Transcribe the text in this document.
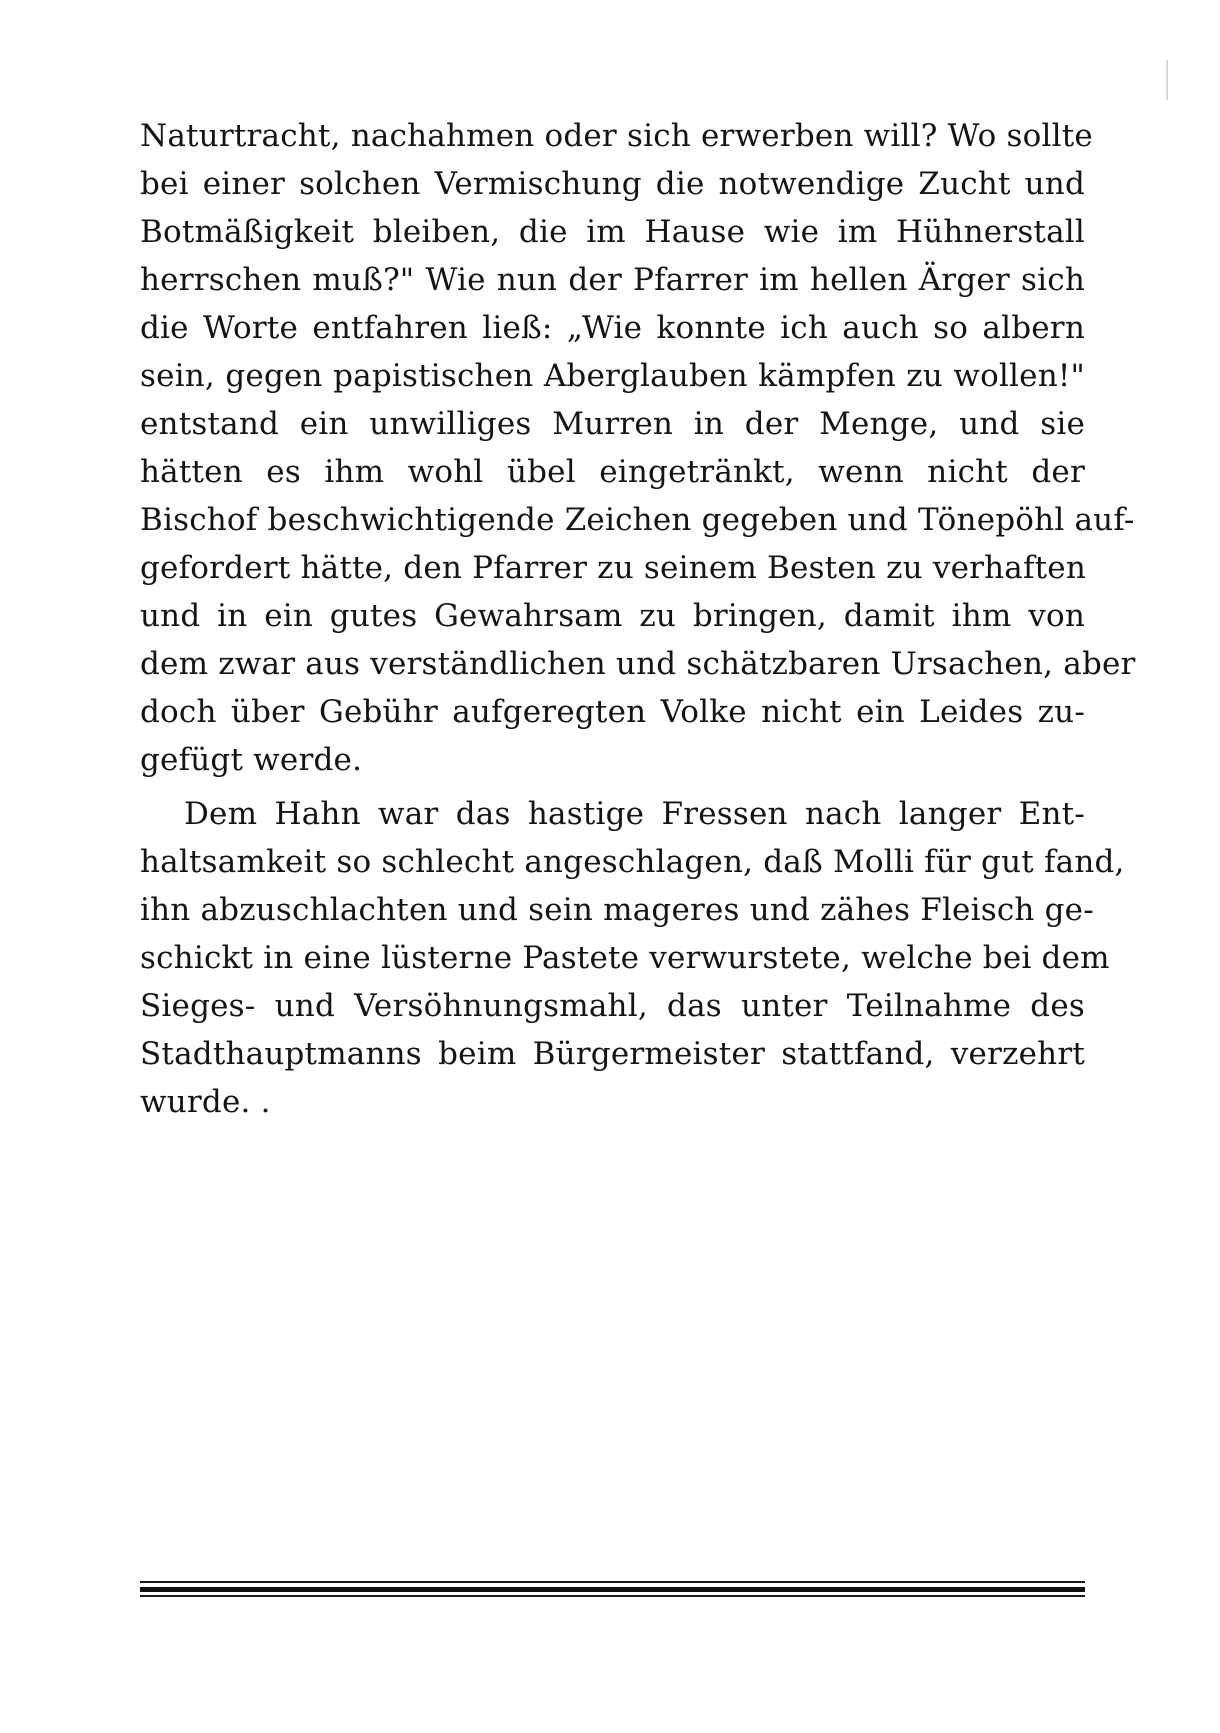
Naturtracht, nachahmen oder sich erwerben will? Wo sollte
bei einer solchen Vermischung die notwendige Zucht und
Botmäßigkeit bleiben, die im Hause wie im Hühnerstall
herrschen muß?" Wie nun der Pfarrer im hellen Ärger sich
die Worte entfahren ließ: „Wie konnte ich auch so albern
sein, gegen papistischen Aberglauben kämpfen zu wollen!"
entstand ein unwilliges Murren in der Menge, und sie
hätten es ihm wohl übel eingetränkt, wenn nicht der
Bischof beschwichtigende Zeichen gegeben und Tönepöhl auf-
gefordert hätte, den Pfarrer zu seinem Besten zu verhaften
und in ein gutes Gewahrsam zu bringen, damit ihm von
dem zwar aus verständlichen und schätzbaren Ursachen, aber
doch über Gebühr aufgeregten Volke nicht ein Leides zu-
gefügt werde.
Dem Hahn war das hastige Fressen nach langer Ent-
haltsamkeit so schlecht angeschlagen, daß Molli für gut fand,
ihn abzuschlachten und sein mageres und zähes Fleisch ge-
schickt in eine lüsterne Pastete verwurstete, welche bei dem
Sieges- und Versöhnungsmahl, das unter Teilnahme des
Stadthauptmanns beim Bürgermeister stattfand, verzehrt
wurde. .
